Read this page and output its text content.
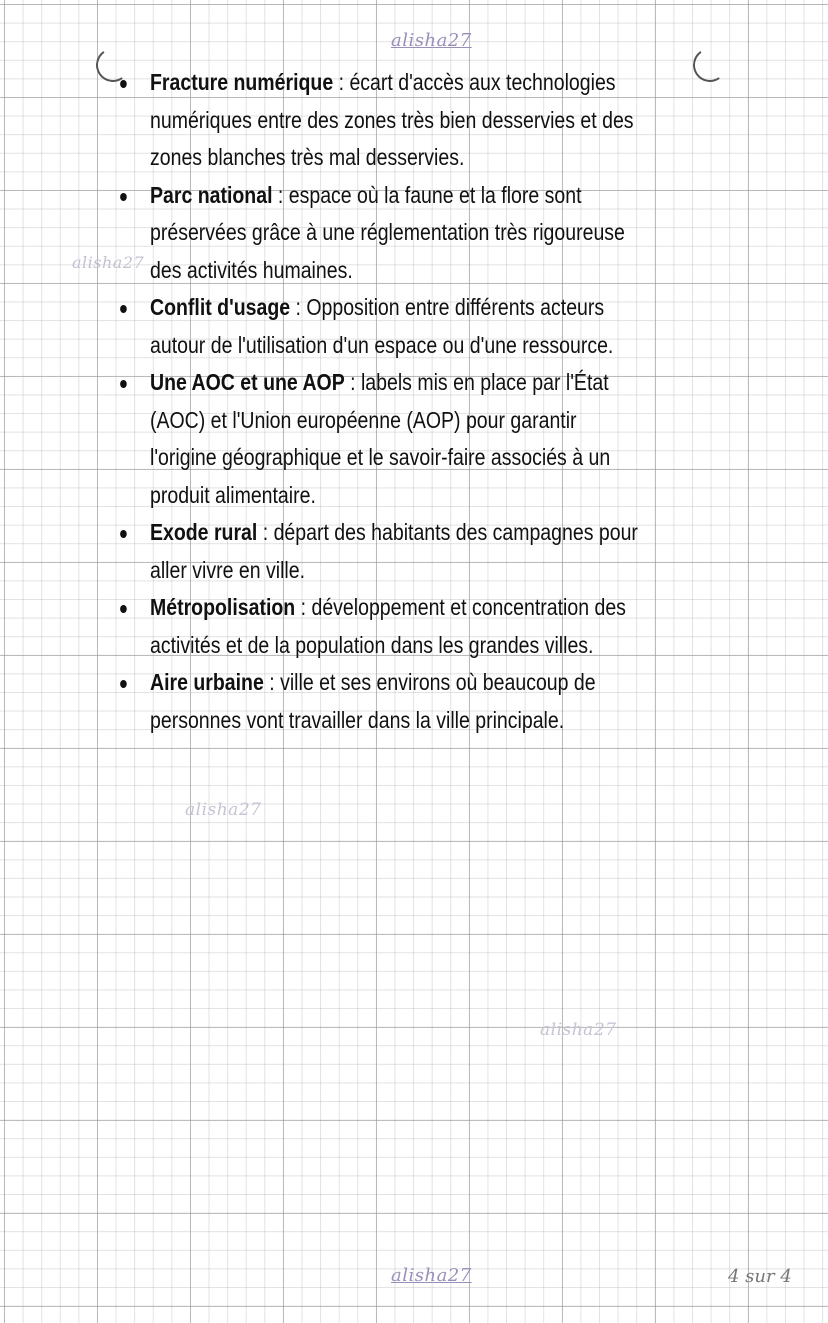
alisha27
alisha27
alisha27
alisha27
Fracture numérique : écart d'accès aux technologies numériques entre des zones très bien desservies et des zones blanches très mal desservies.
Parc national : espace où la faune et la flore sont préservées grâce à une réglementation très rigoureuse des activités humaines.
Conflit d'usage : Opposition entre différents acteurs autour de l'utilisation d'un espace ou d'une ressource.
Une AOC et une AOP : labels mis en place par l'État (AOC) et l'Union européenne (AOP) pour garantir l'origine géographique et le savoir-faire associés à un produit alimentaire.
Exode rural : départ des habitants des campagnes pour aller vivre en ville.
Métropolisation : développement et concentration des activités et de la population dans les grandes villes.
Aire urbaine : ville et ses environs où beaucoup de personnes vont travailler dans la ville principale.
alisha27	4 sur 4
